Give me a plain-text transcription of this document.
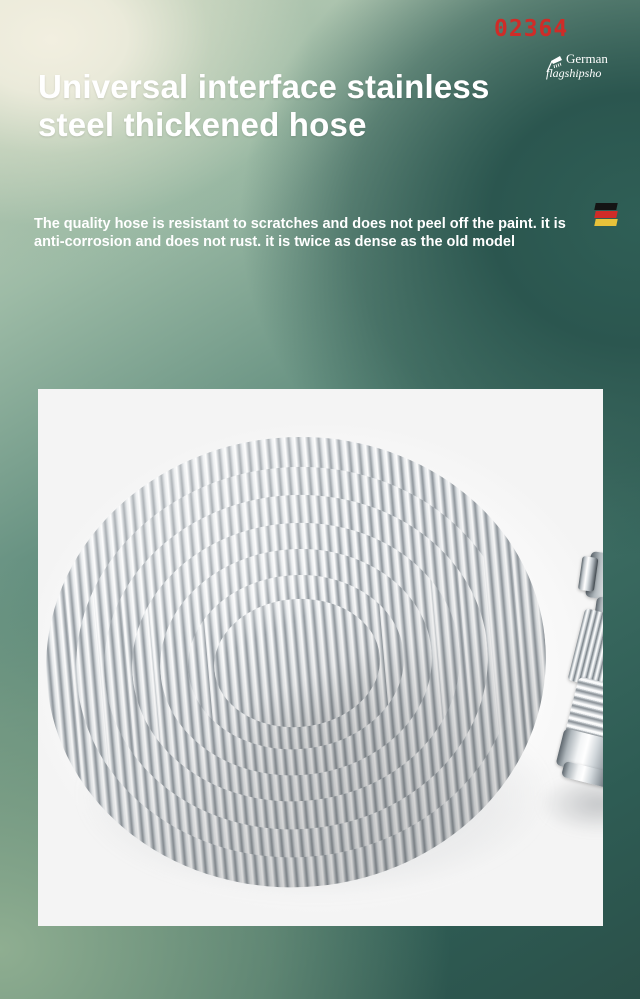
02364
German
flagshipsho
Universal interface stainless steel thickened hose

The quality hose is resistant to scratches and does not peel off the paint. it is anti-corrosion and does not rust. it is twice as dense as the old model
